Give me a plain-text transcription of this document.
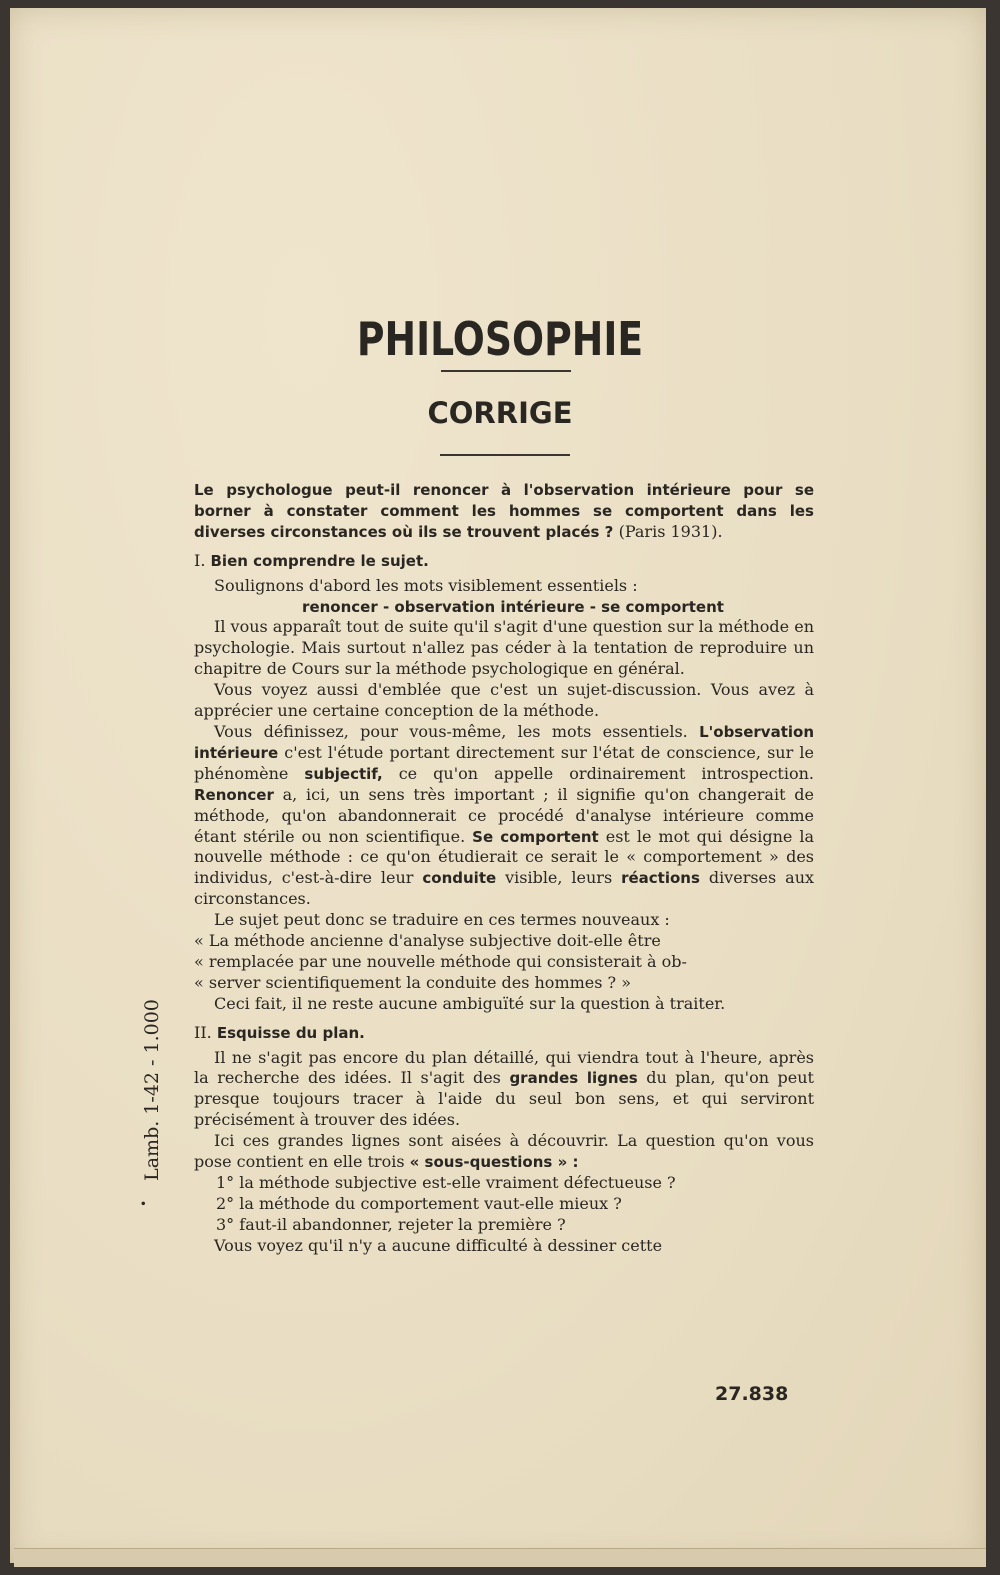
PHILOSOPHIE
CORRIGE
•
Lamb. 1-42 - 1.000

Le psychologue peut-il renoncer à l'observation intérieure pour se borner à constater comment les hommes se comportent dans les diverses circonstances où ils se trouvent placés ? (Paris 1931).

I. Bien comprendre le sujet.

Soulignons d'abord les mots visiblement essentiels :

renoncer - observation intérieure - se comportent

Il vous apparaît tout de suite qu'il s'agit d'une question sur la méthode en psychologie. Mais surtout n'allez pas céder à la tentation de reproduire un chapitre de Cours sur la méthode psychologique en général.

Vous voyez aussi d'emblée que c'est un sujet-discussion. Vous avez à apprécier une certaine conception de la méthode.

Vous définissez, pour vous-même, les mots essentiels. L'observation intérieure c'est l'étude portant directement sur l'état de conscience, sur le phénomène subjectif, ce qu'on appelle ordinairement introspection. Renoncer a, ici, un sens très important ; il signifie qu'on changerait de méthode, qu'on abandonnerait ce procédé d'analyse intérieure comme étant stérile ou non scientifique. Se comportent est le mot qui désigne la nouvelle méthode : ce qu'on étudierait ce serait le « comportement » des individus, c'est-à-dire leur conduite visible, leurs réactions diverses aux circonstances.

Le sujet peut donc se traduire en ces termes nouveaux :

« La méthode ancienne d'analyse subjective doit-elle être

« remplacée par une nouvelle méthode qui consisterait à ob-

« server scientifiquement la conduite des hommes ? »

Ceci fait, il ne reste aucune ambiguïté sur la question à traiter.

II. Esquisse du plan.

Il ne s'agit pas encore du plan détaillé, qui viendra tout à l'heure, après la recherche des idées. Il s'agit des grandes lignes du plan, qu'on peut presque toujours tracer à l'aide du seul bon sens, et qui serviront précisément à trouver des idées.

Ici ces grandes lignes sont aisées à découvrir. La question qu'on vous pose contient en elle trois « sous-questions » :

1° la méthode subjective est-elle vraiment défectueuse ?

2° la méthode du comportement vaut-elle mieux ?

3° faut-il abandonner, rejeter la première ?

Vous voyez qu'il n'y a aucune difficulté à dessiner cette

27.838
